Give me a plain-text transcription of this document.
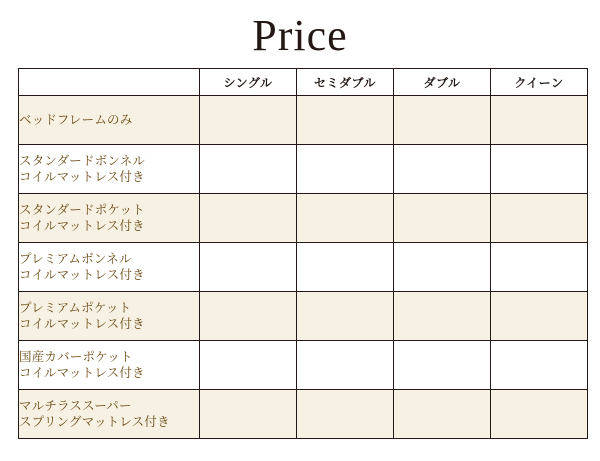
Price
	シングル	セミダブル	ダブル	クイーン

ベッドフレームのみ				

スタンダードボンネル
コイルマットレス付き				

スタンダードポケット
コイルマットレス付き				

プレミアムボンネル
コイルマットレス付き				

プレミアムポケット
コイルマットレス付き				

国産カバーポケット
コイルマットレス付き				

マルチラススーパー
スプリングマットレス付き				
